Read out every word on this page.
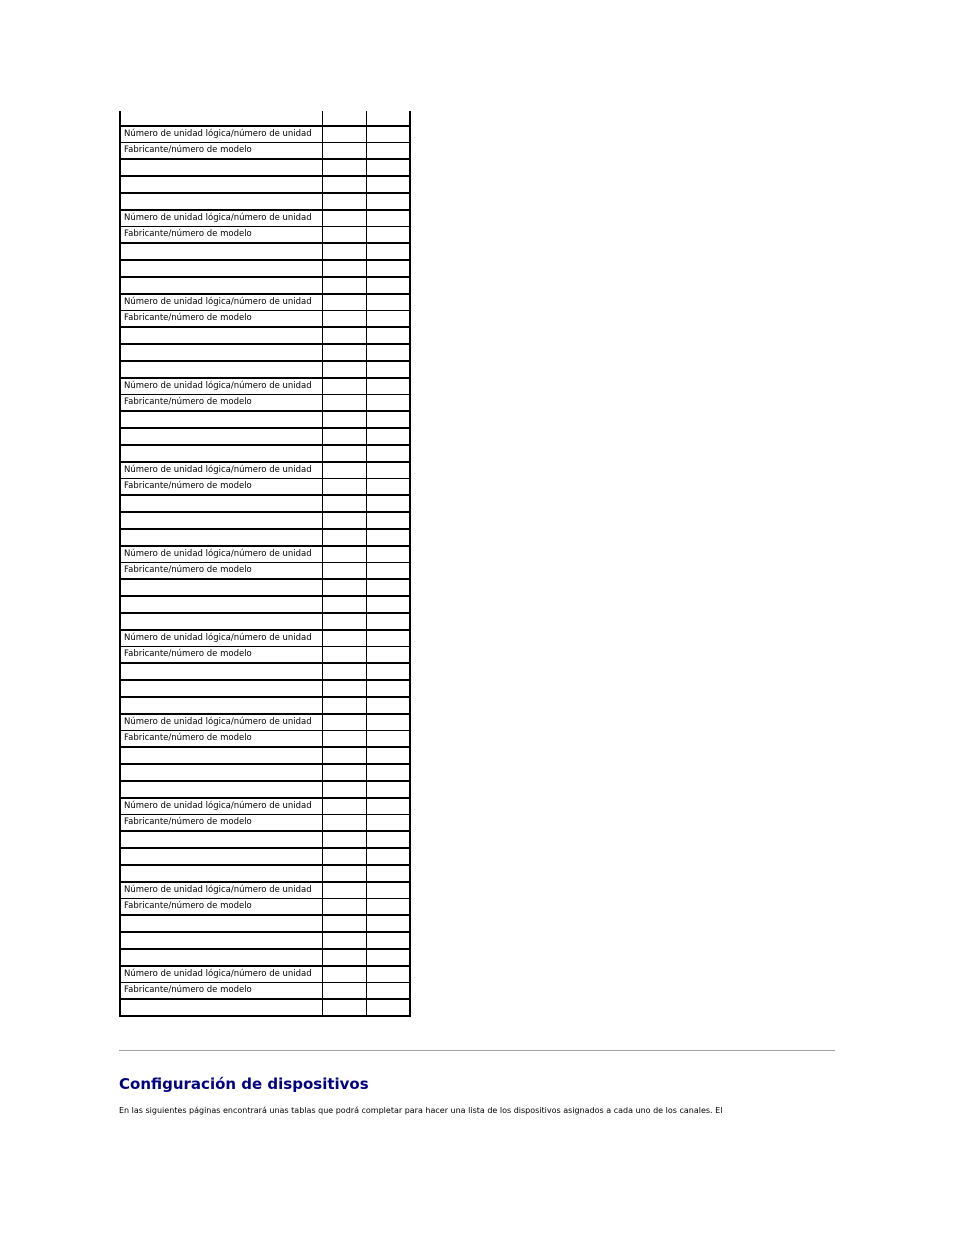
Número de unidad lógica/número de unidad		
Fabricante/número de modelo		

Número de unidad lógica/número de unidad		
Fabricante/número de modelo		

Número de unidad lógica/número de unidad		
Fabricante/número de modelo		

Número de unidad lógica/número de unidad		
Fabricante/número de modelo		

Número de unidad lógica/número de unidad		
Fabricante/número de modelo		

Número de unidad lógica/número de unidad		
Fabricante/número de modelo		

Número de unidad lógica/número de unidad		
Fabricante/número de modelo		

Número de unidad lógica/número de unidad		
Fabricante/número de modelo		

Número de unidad lógica/número de unidad		
Fabricante/número de modelo		

Número de unidad lógica/número de unidad		
Fabricante/número de modelo		

Número de unidad lógica/número de unidad		
Fabricante/número de modelo		

Configuración de dispositivos

En las siguientes páginas encontrará unas tablas que podrá completar para hacer una lista de los dispositivos asignados a cada uno de los canales. El
